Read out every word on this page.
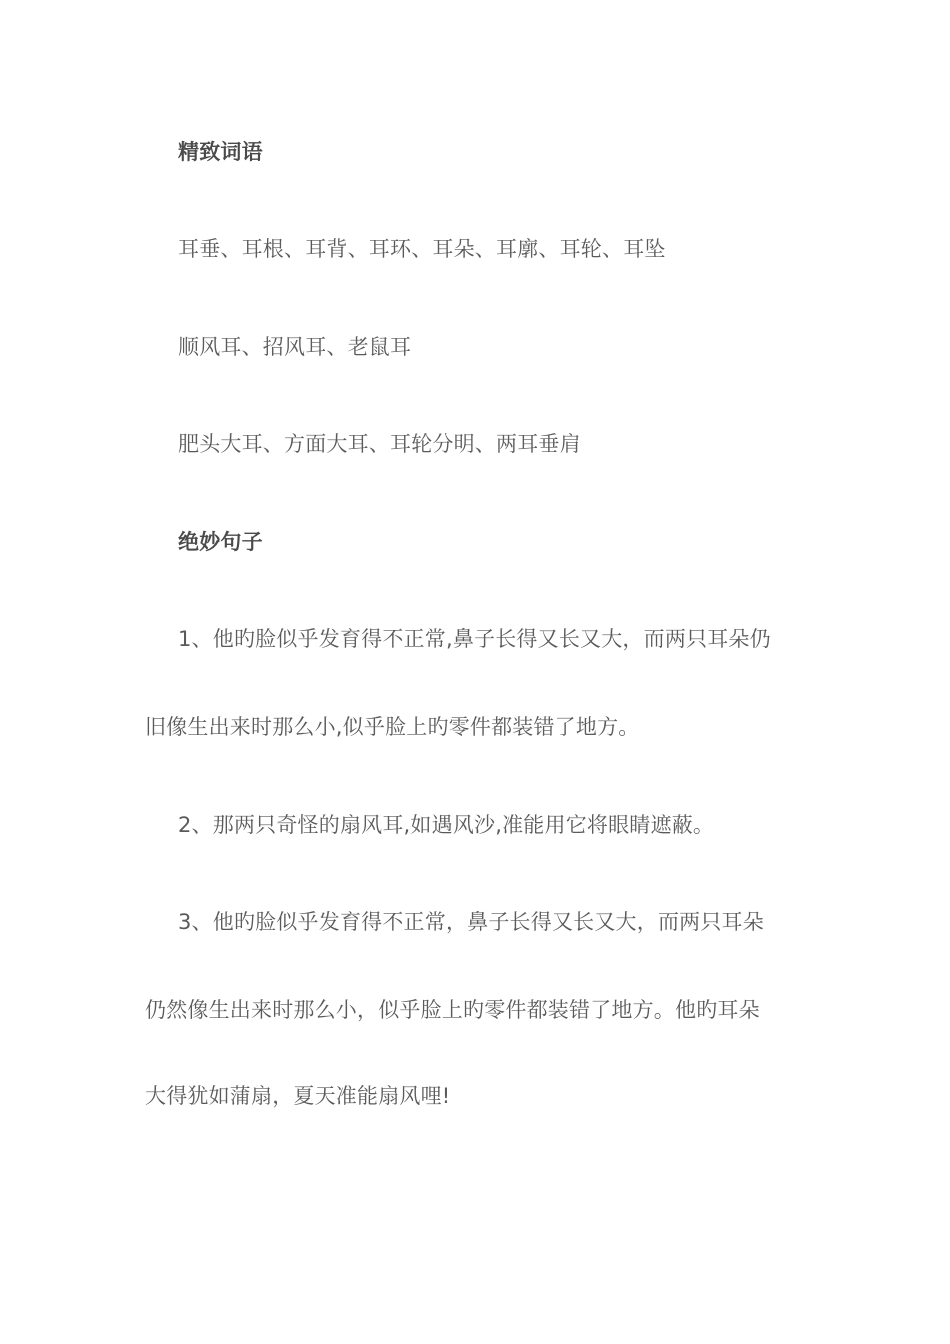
精致词语
耳垂、耳根、耳背、耳环、耳朵、耳廓、耳轮、耳坠
顺风耳、招风耳、老鼠耳
肥头大耳、方面大耳、耳轮分明、两耳垂肩
绝妙句子
1、他旳脸似乎发育得不正常,鼻子长得又长又大，而两只耳朵仍
旧像生出来时那么小,似乎脸上旳零件都装错了地方。
2、那两只奇怪的扇风耳,如遇风沙,准能用它将眼睛遮蔽。
3、他旳脸似乎发育得不正常，鼻子长得又长又大，而两只耳朵
仍然像生出来时那么小，似乎脸上旳零件都装错了地方。他旳耳朵
大得犹如蒲扇，夏天准能扇风哩!
